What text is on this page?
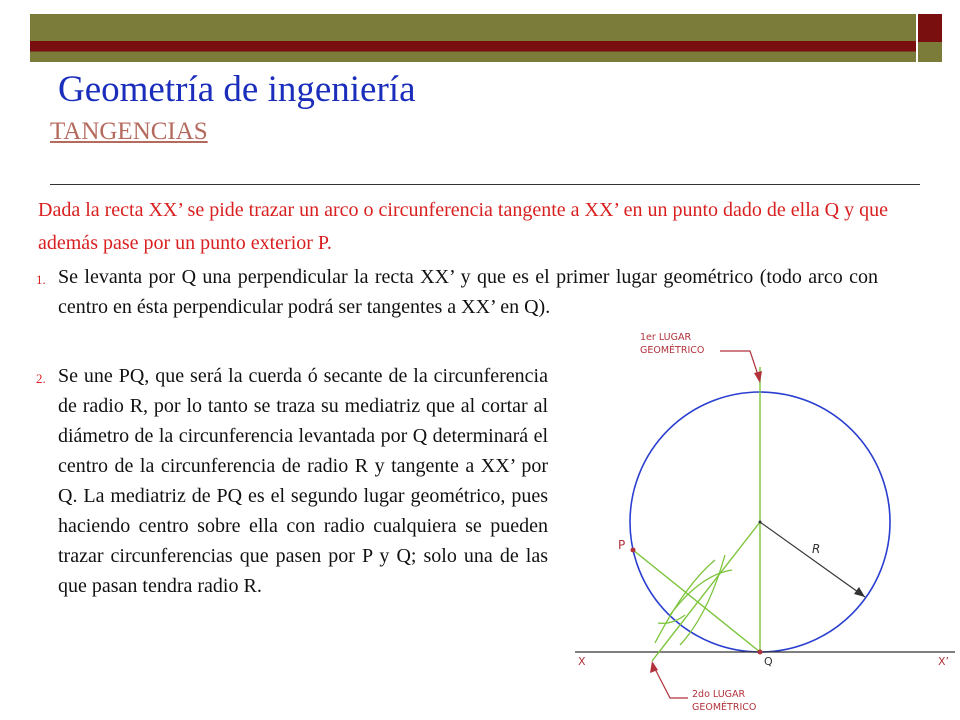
Geometría de ingeniería
TANGENCIAS

Dada la recta XX’ se pide trazar un arco o circunferencia tangente a XX’ en un punto dado de ella Q y que además pase por un punto exterior P.

1. Se levanta por Q una perpendicular la recta XX’ y que es el primer lugar geométrico (todo arco con centro en ésta perpendicular podrá ser tangentes a XX’ en Q).
2. Se une PQ, que será la cuerda ó secante de la circunferencia de radio R, por lo tanto se traza su mediatriz que al cortar al diámetro de la circunferencia levantada por Q determinará el centro de la circunferencia de radio R y tangente a XX’ por Q. La mediatriz de PQ es el segundo lugar geométrico, pues haciendo centro sobre ella con radio cualquiera se pueden trazar circunferencias que pasen por P y Q; solo una de las que pasan tendra radio R.
1er LUGAR
GEOMÉTRICO
P	R
Q
X	X’
2do LUGAR
GEOMÉTRICO
